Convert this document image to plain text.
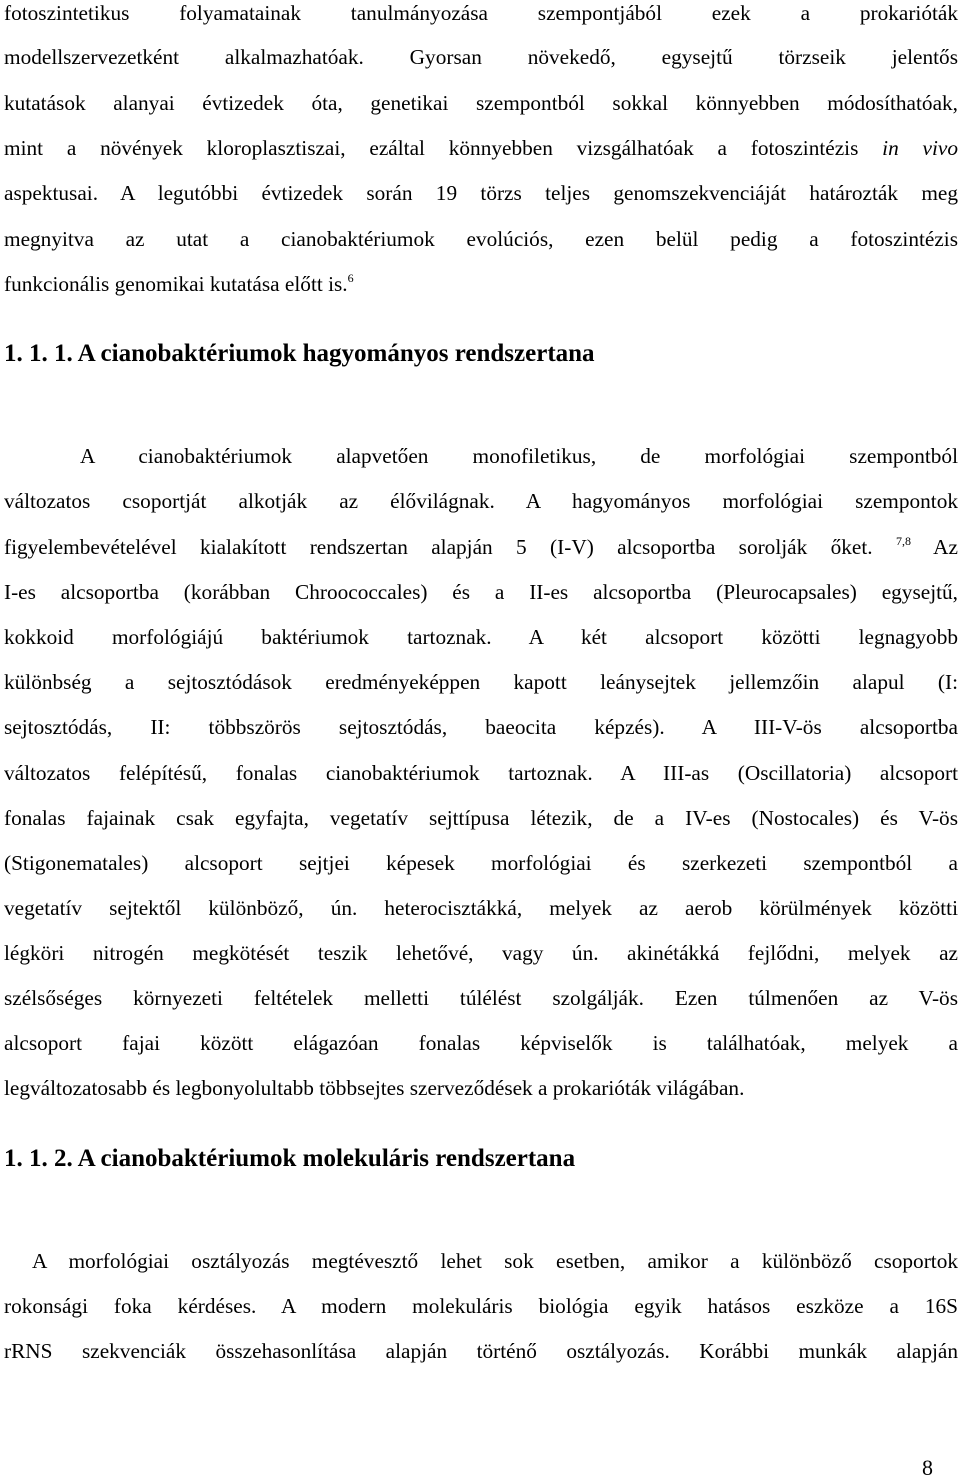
fotoszintetikus folyamatainak tanulmányozása szempontjából ezek a prokarióták
modellszervezetként alkalmazhatóak. Gyorsan növekedő, egysejtű törzseik jelentős
kutatások alanyai évtizedek óta, genetikai szempontból sokkal könnyebben módosíthatóak,
mint a növények kloroplasztiszai, ezáltal könnyebben vizsgálhatóak a fotoszintézis in vivo
aspektusai. A legutóbbi évtizedek során 19 törzs teljes genomszekvenciáját határozták meg
megnyitva az utat a cianobaktériumok evolúciós, ezen belül pedig a fotoszintézis
funkcionális genomikai kutatása előtt is.$^6$
1. 1. 1. A cianobaktériumok hagyományos rendszertana
A cianobaktériumok alapvetően monofiletikus, de morfológiai szempontból
változatos csoportját alkotják az élővilágnak. A hagyományos morfológiai szempontok
figyelembevételével kialakított rendszertan alapján 5 (I-V) alcsoportba sorolják őket. $^{7,8}$ Az
I-es alcsoportba (korábban Chroococcales) és a II-es alcsoportba (Pleurocapsales) egysejtű,
kokkoid morfológiájú baktériumok tartoznak. A két alcsoport közötti legnagyobb
különbség a sejtosztódások eredményeképpen kapott leánysejtek jellemzőin alapul (I:
sejtosztódás, II: többszörös sejtosztódás, baeocita képzés). A III-V-ös alcsoportba
változatos felépítésű, fonalas cianobaktériumok tartoznak. A III-as (Oscillatoria) alcsoport
fonalas fajainak csak egyfajta, vegetatív sejttípusa létezik, de a IV-es (Nostocales) és V-ös
(Stigonematales) alcsoport sejtjei képesek morfológiai és szerkezeti szempontból a
vegetatív sejtektől különböző, ún. heterocisztákká, melyek az aerob körülmények közötti
légköri nitrogén megkötését teszik lehetővé, vagy ún. akinétákká fejlődni, melyek az
szélsőséges környezeti feltételek melletti túlélést szolgálják. Ezen túlmenően az V-ös
alcsoport fajai között elágazóan fonalas képviselők is találhatóak, melyek a
legváltozatosabb és legbonyolultabb többsejtes szerveződések a prokarióták világában.
1. 1. 2. A cianobaktériumok molekuláris rendszertana
A morfológiai osztályozás megtévesztő lehet sok esetben, amikor a különböző csoportok
rokonsági foka kérdéses. A modern molekuláris biológia egyik hatásos eszköze a 16S
rRNS szekvenciák összehasonlítása alapján történő osztályozás. Korábbi munkák alapján
8
